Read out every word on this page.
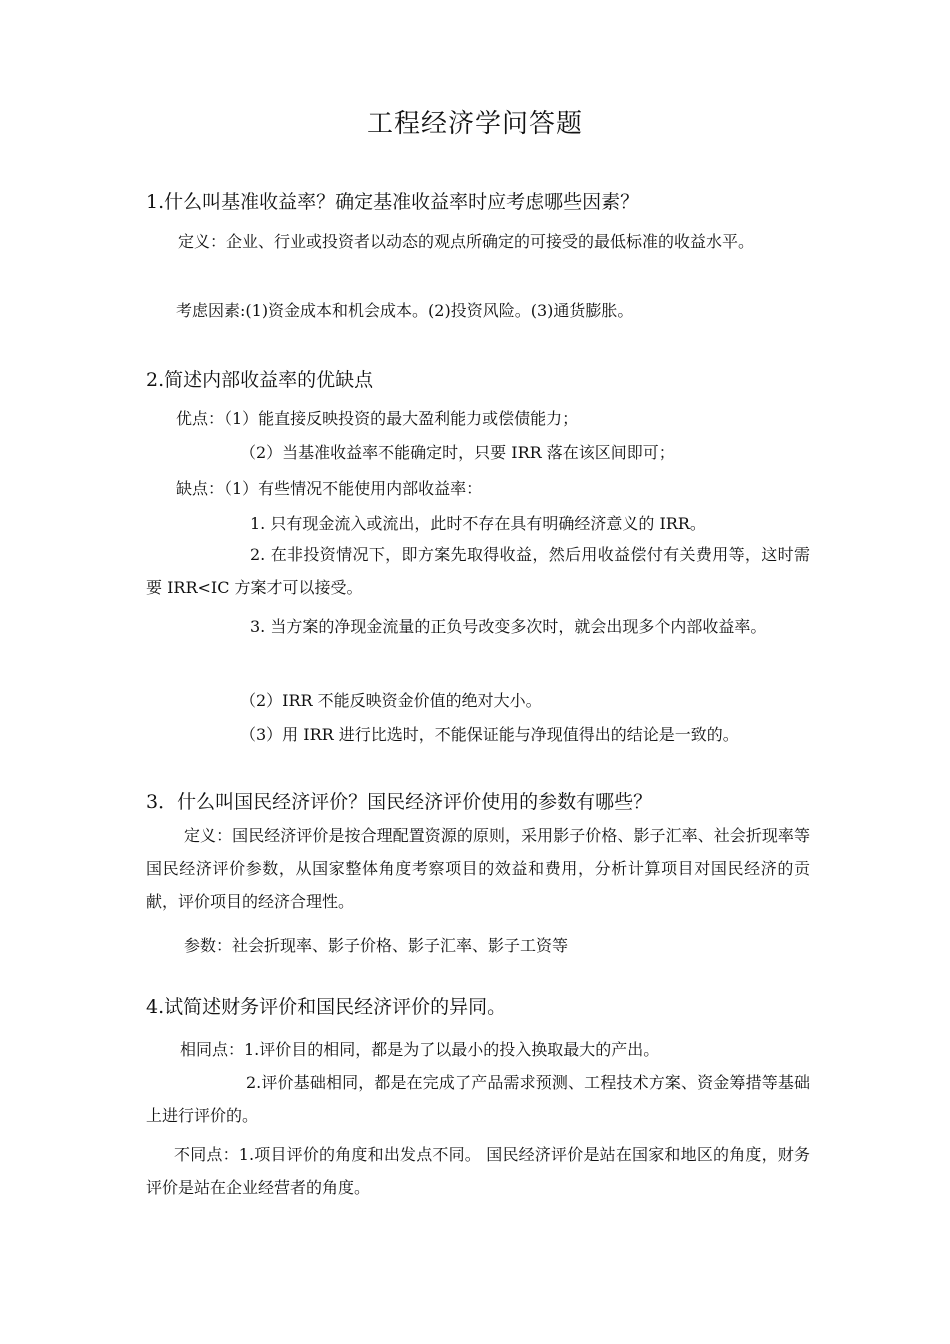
工程经济学问答题
1.什么叫基准收益率？确定基准收益率时应考虑哪些因素？
定义：企业、行业或投资者以动态的观点所确定的可接受的最低标准的收益水平。
考虑因素:(1)资金成本和机会成本。(2)投资风险。(3)通货膨胀。
2.简述内部收益率的优缺点
优点：（1）能直接反映投资的最大盈利能力或偿债能力；
（2）当基准收益率不能确定时，只要 IRR 落在该区间即可；
缺点：（1）有些情况不能使用内部收益率：
1. 只有现金流入或流出，此时不存在具有明确经济意义的 IRR。
2. 在非投资情况下，即方案先取得收益，然后用收益偿付有关费用等，这时需要 IRR<IC 方案才可以接受。
3. 当方案的净现金流量的正负号改变多次时，就会出现多个内部收益率。
（2）IRR 不能反映资金价值的绝对大小。
（3）用 IRR 进行比选时，不能保证能与净现值得出的结论是一致的。
3．什么叫国民经济评价？国民经济评价使用的参数有哪些？
定义：国民经济评价是按合理配置资源的原则，采用影子价格、影子汇率、社会折现率等国民经济评价参数，从国家整体角度考察项目的效益和费用，分析计算项目对国民经济的贡献，评价项目的经济合理性。
参数：社会折现率、影子价格、影子汇率、影子工资等
4.试简述财务评价和国民经济评价的异同。
相同点：1.评价目的相同，都是为了以最小的投入换取最大的产出。
2.评价基础相同，都是在完成了产品需求预测、工程技术方案、资金筹措等基础上进行评价的。
不同点：1.项目评价的角度和出发点不同。 国民经济评价是站在国家和地区的角度，财务评价是站在企业经营者的角度。
